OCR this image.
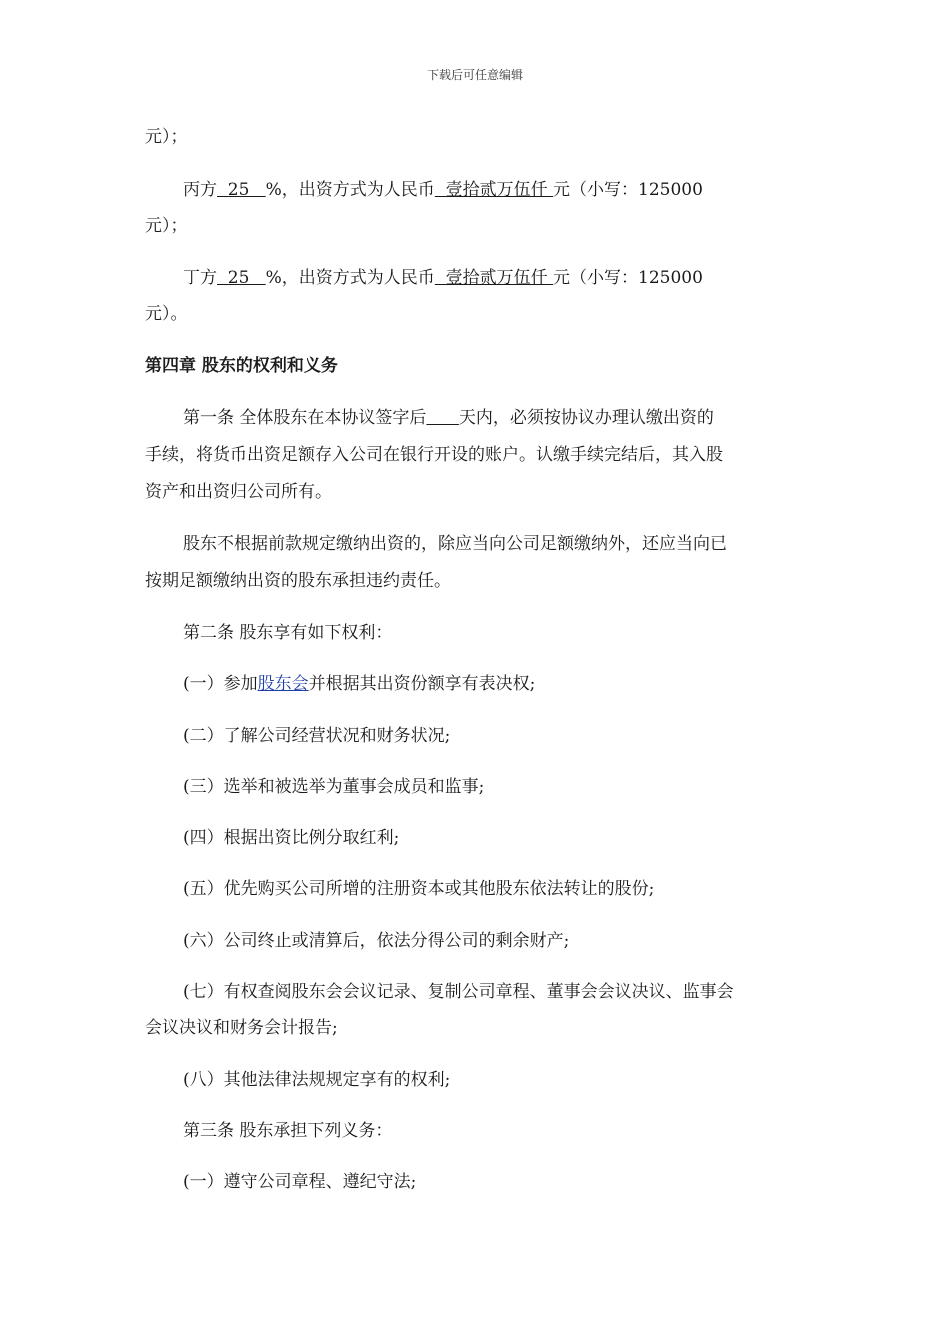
下载后可任意编辑
元）；
丙方  25   %，出资方式为人民币  壹拾贰万伍仟 元（小写：125000
元）；
丁方  25   %，出资方式为人民币  壹拾贰万伍仟 元（小写：125000
元）。
第四章 股东的权利和义务
第一条 全体股东在本协议签字后 天内，必须按协议办理认缴出资的
手续，将货币出资足额存入公司在银行开设的账户。认缴手续完结后，其入股
资产和出资归公司所有。
股东不根据前款规定缴纳出资的，除应当向公司足额缴纳外，还应当向已
按期足额缴纳出资的股东承担违约责任。
第二条 股东享有如下权利：
(一）参加股东会并根据其出资份额享有表决权;
(二）了解公司经营状况和财务状况;
(三）选举和被选举为董事会成员和监事;
(四）根据出资比例分取红利;
(五）优先购买公司所增的注册资本或其他股东依法转让的股份;
(六）公司终止或清算后，依法分得公司的剩余财产;
(七）有权查阅股东会会议记录、复制公司章程、董事会会议决议、监事会
会议决议和财务会计报告;
(八）其他法律法规规定享有的权利;
第三条 股东承担下列义务：
(一）遵守公司章程、遵纪守法;
